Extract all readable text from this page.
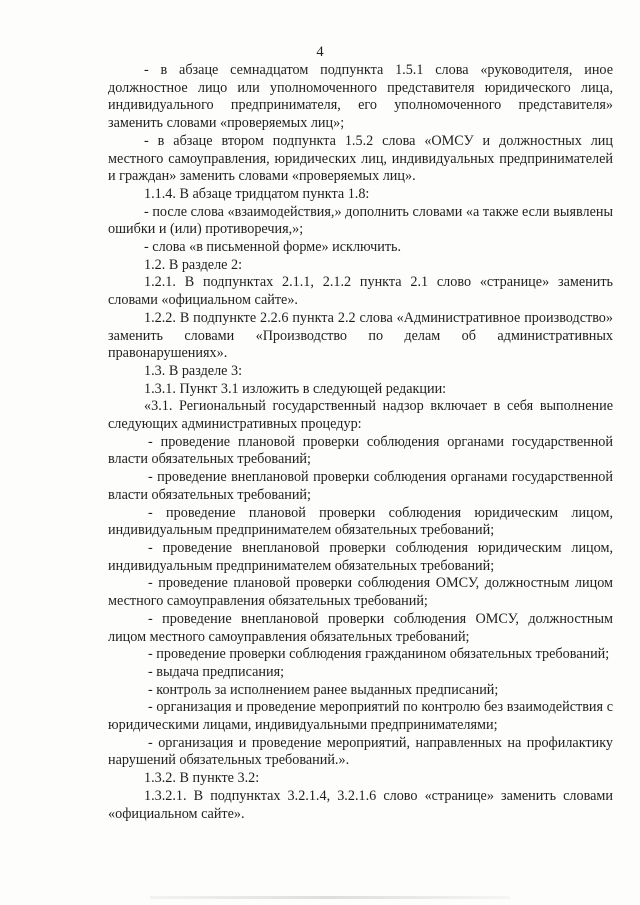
4

- в абзаце семнадцатом подпункта 1.5.1 слова «руководителя, иное должностное лицо или уполномоченного представителя юридического лица, индивидуального предпринимателя, его уполномоченного представителя» заменить словами «проверяемых лиц»;

- в абзаце втором подпункта 1.5.2 слова «ОМСУ и должностных лиц местного самоуправления, юридических лиц, индивидуальных предпринимателей и граждан» заменить словами «проверяемых лиц».

1.1.4. В абзаце тридцатом пункта 1.8:

- после слова «взаимодействия,» дополнить словами «а также если выявлены ошибки и (или) противоречия,»;

- слова «в письменной форме» исключить.

1.2. В разделе 2:

1.2.1. В подпунктах 2.1.1, 2.1.2 пункта 2.1 слово «странице» заменить словами «официальном сайте».

1.2.2. В подпункте 2.2.6 пункта 2.2 слова «Административное производство» заменить словами «Производство по делам об административных правонарушениях».

1.3. В разделе 3:

1.3.1. Пункт 3.1 изложить в следующей редакции:

«3.1. Региональный государственный надзор включает в себя выполнение следующих административных процедур:

- проведение плановой проверки соблюдения органами государственной власти обязательных требований;

- проведение внеплановой проверки соблюдения органами государственной власти обязательных требований;

- проведение плановой проверки соблюдения юридическим лицом, индивидуальным предпринимателем обязательных требований;

- проведение внеплановой проверки соблюдения юридическим лицом, индивидуальным предпринимателем обязательных требований;

- проведение плановой проверки соблюдения ОМСУ, должностным лицом местного самоуправления обязательных требований;

- проведение внеплановой проверки соблюдения ОМСУ, должностным лицом местного самоуправления обязательных требований;

- проведение проверки соблюдения гражданином обязательных требований;

- выдача предписания;

- контроль за исполнением ранее выданных предписаний;

- организация и проведение мероприятий по контролю без взаимодействия с юридическими лицами, индивидуальными предпринимателями;

- организация и проведение мероприятий, направленных на профилактику нарушений обязательных требований.».

1.3.2. В пункте 3.2:

1.3.2.1. В подпунктах 3.2.1.4, 3.2.1.6 слово «странице» заменить словами «официальном сайте».
